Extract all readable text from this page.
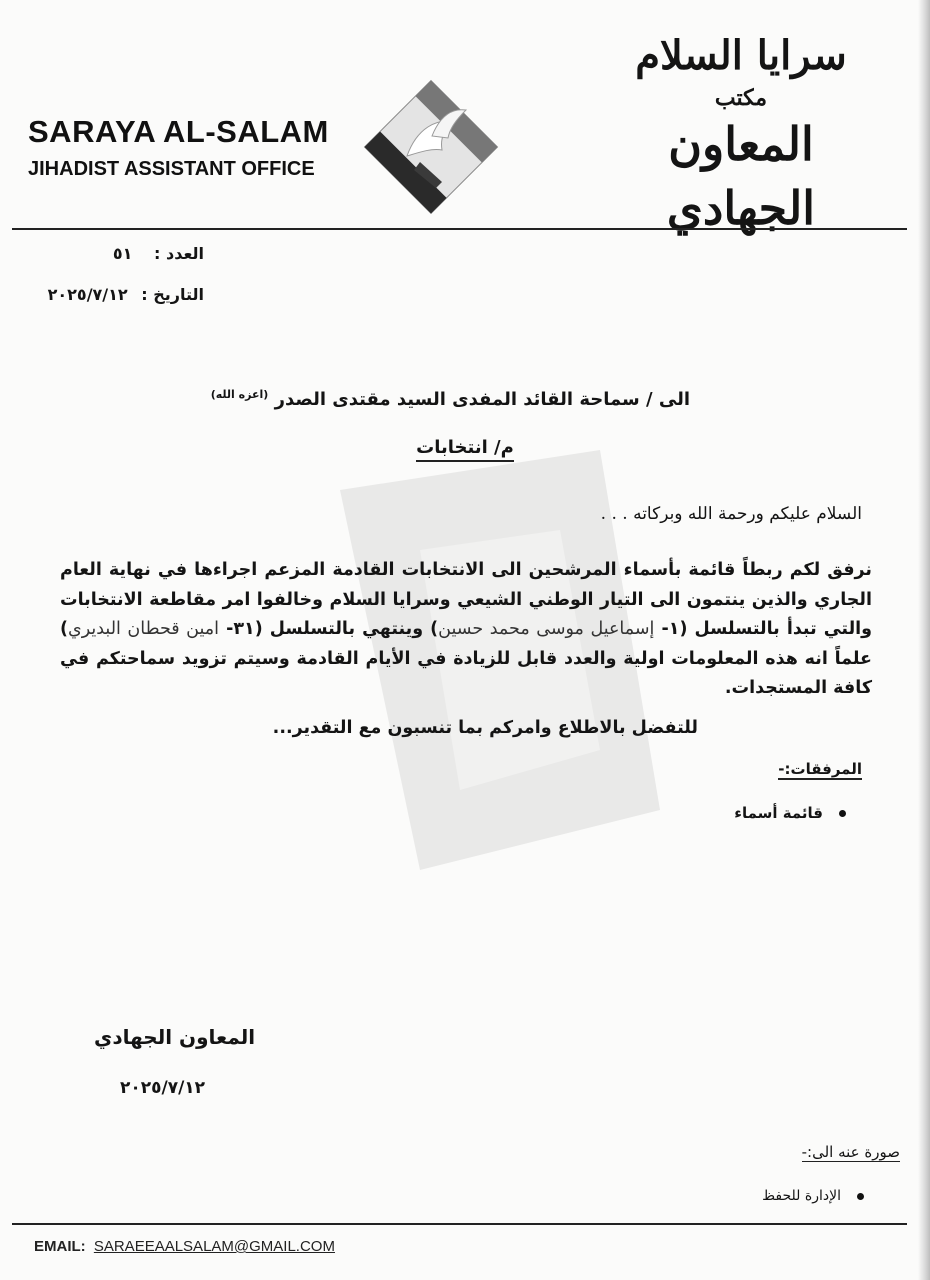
SARAYA AL-SALAM
JIHADIST ASSISTANT OFFICE
سرايا السلام
مكتب
المعاون الجهادي
العدد : ٥١
التاريخ : ٢٠٢٥/٧/١٢
الى / سماحة القائد المفدى السيد مقتدى الصدر $^{(اعزه الله)}$
م/ انتخابات
السلام عليكم ورحمة الله وبركاته . . .
نرفق لكم ربطاً قائمة بأسماء المرشحين الى الانتخابات القادمة المزعم اجراءها في نهاية العام الجاري والذين ينتمون الى التيار الوطني الشيعي وسرايا السلام وخالفوا امر مقاطعة الانتخابات والتي تبدأ بالتسلسل (١- إسماعيل موسى محمد حسين) وينتهي بالتسلسل (٣١- امين قحطان البديري) علماً انه هذه المعلومات اولية والعدد قابل للزيادة في الأيام القادمة وسيتم تزويد سماحتكم في كافة المستجدات.
للتفضل بالاطلاع وامركم بما تنسبون مع التقدير...
المرفقات:-
قائمة أسماء
المعاون الجهادي
٢٠٢٥/٧/١٢
صورة عنه الى:-
الإدارة للحفظ
EMAIL: SARAEEAALSALAM@GMAIL.COM
